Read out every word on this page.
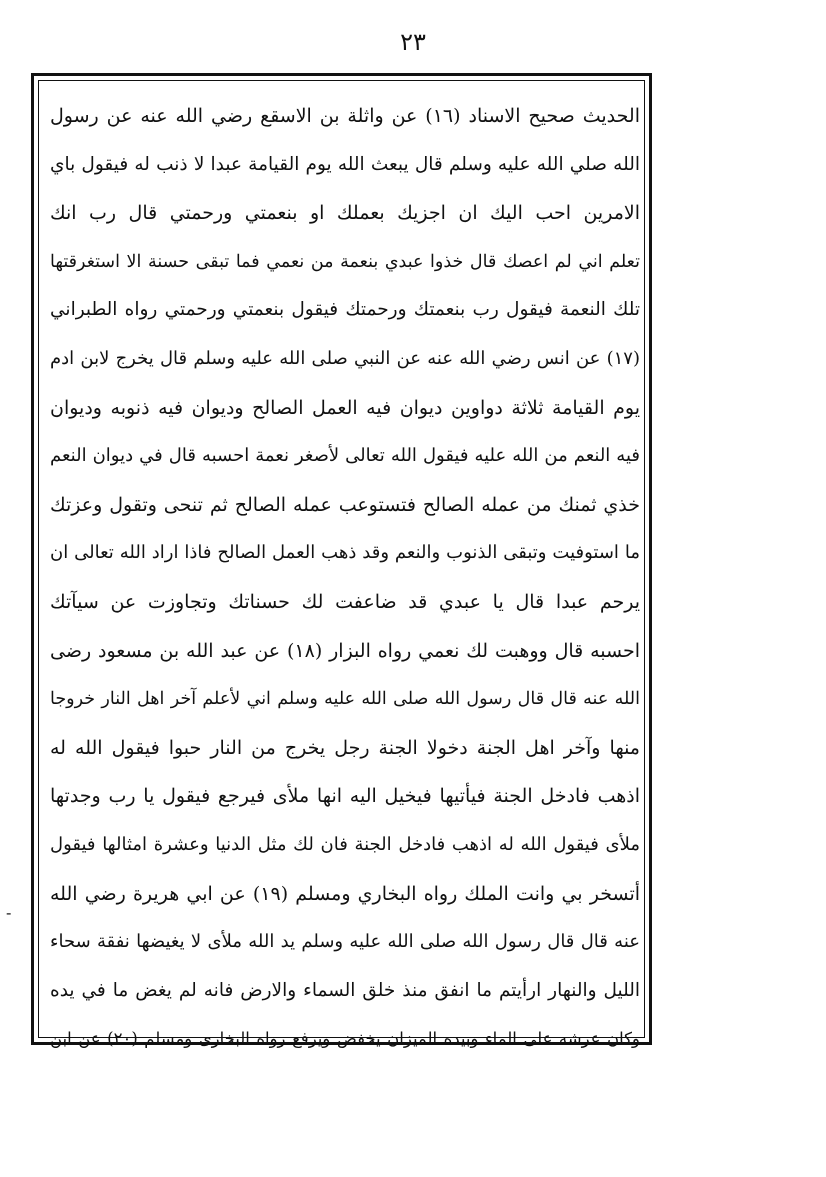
٢٣
-
الحديث صحيح الاسناد (١٦) عن واثلة بن الاسقع رضي الله عنه عن رسول
الله صلي الله عليه وسلم قال يبعث الله يوم القيامة عبدا لا ذنب له فيقول باي
الامرين احب اليك ان اجزيك بعملك او بنعمتي ورحمتي قال رب انك
تعلم اني لم اعصك قال خذوا عبدي بنعمة من نعمي فما تبقى حسنة الا استغرقتها
تلك النعمة فيقول رب بنعمتك ورحمتك فيقول بنعمتي ورحمتي رواه الطبراني
(١٧) عن انس رضي الله عنه عن النبي صلى الله عليه وسلم قال يخرج لابن ادم
يوم القيامة ثلاثة دواوين ديوان فيه العمل الصالح وديوان فيه ذنوبه وديوان
فيه النعم من الله عليه فيقول الله تعالى لأصغر نعمة احسبه قال في ديوان النعم
خذي ثمنك من عمله الصالح فتستوعب عمله الصالح ثم تنحى وتقول وعزتك
ما استوفيت وتبقى الذنوب والنعم وقد ذهب العمل الصالح فاذا اراد الله تعالى ان
يرحم عبدا قال يا عبدي قد ضاعفت لك حسناتك وتجاوزت عن سيآتك
احسبه قال ووهبت لك نعمي رواه البزار (١٨) عن عبد الله بن مسعود رضى
الله عنه قال قال رسول الله صلى الله عليه وسلم اني لأعلم آخر اهل النار خروجا
منها وآخر اهل الجنة دخولا الجنة رجل يخرج من النار حبوا فيقول الله له
اذهب فادخل الجنة فيأتيها فيخيل اليه انها ملأى فيرجع فيقول يا رب وجدتها
ملأى فيقول الله له اذهب فادخل الجنة فان لك مثل الدنيا وعشرة امثالها فيقول
أتسخر بي وانت الملك رواه البخاري ومسلم (١٩) عن ابي هريرة رضي الله
عنه قال قال رسول الله صلى الله عليه وسلم يد الله ملأى لا يغيضها نفقة سحاء
الليل والنهار ارأيتم ما انفق منذ خلق السماء والارض فانه لم يغض ما في يده
وكان عرشه على الماء وبيده الميزان يخفض ويرفع رواه البخارى ومسلم (٢٠) عن ابن
